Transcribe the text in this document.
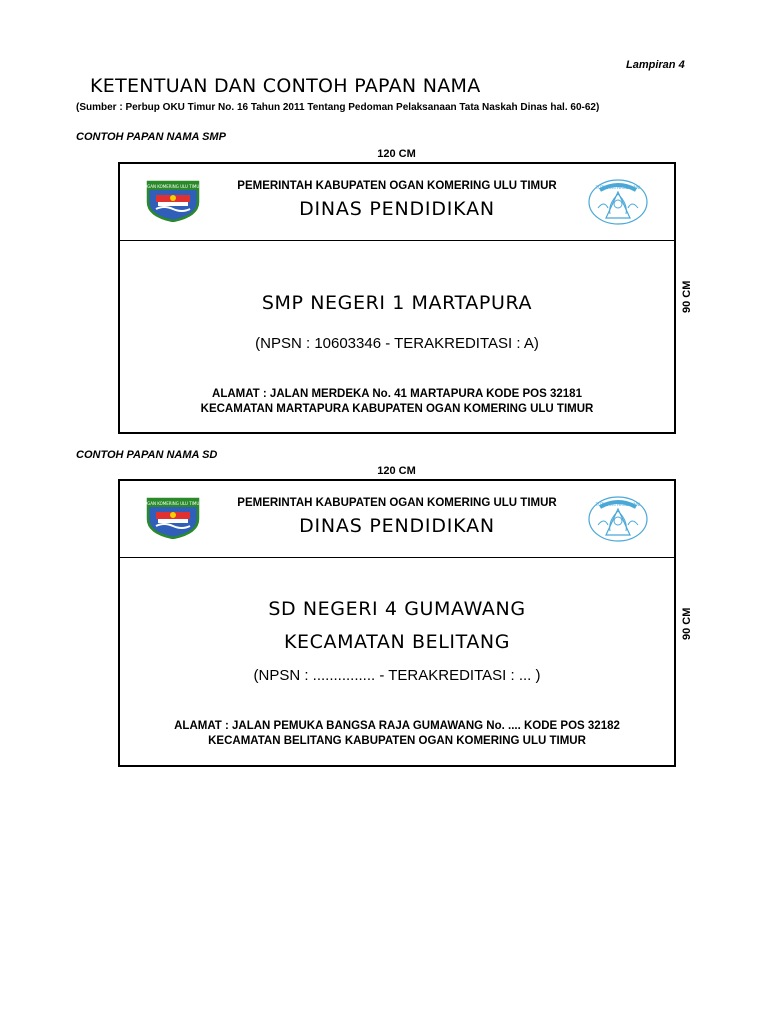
Lampiran 4
KETENTUAN DAN CONTOH PAPAN NAMA
(Sumber : Perbup OKU Timur No. 16 Tahun 2011 Tentang Pedoman Pelaksanaan Tata Naskah Dinas hal. 60-62)
CONTOH PAPAN NAMA SMP
120 CM
OGAN KOMERING ULU TIMUR	PEMERINTAH KABUPATEN OGAN KOMERING ULU TIMUR
DINAS PENDIDIKAN
TUT WURI HANDAYANI
SMP NEGERI 1 MARTAPURA
(NPSN : 10603346 - TERAKREDITASI : A)
ALAMAT : JALAN MERDEKA No. 41 MARTAPURA KODE POS 32181
KECAMATAN MARTAPURA KABUPATEN OGAN KOMERING ULU TIMUR
90 CM
CONTOH PAPAN NAMA SD
120 CM
OGAN KOMERING ULU TIMUR	PEMERINTAH KABUPATEN OGAN KOMERING ULU TIMUR
DINAS PENDIDIKAN
TUT WURI HANDAYANI
SD NEGERI 4 GUMAWANG
KECAMATAN BELITANG
(NPSN : ............... - TERAKREDITASI : ... )
ALAMAT : JALAN PEMUKA BANGSA RAJA GUMAWANG No. .... KODE POS 32182
KECAMATAN BELITANG KABUPATEN OGAN KOMERING ULU TIMUR
90 CM
